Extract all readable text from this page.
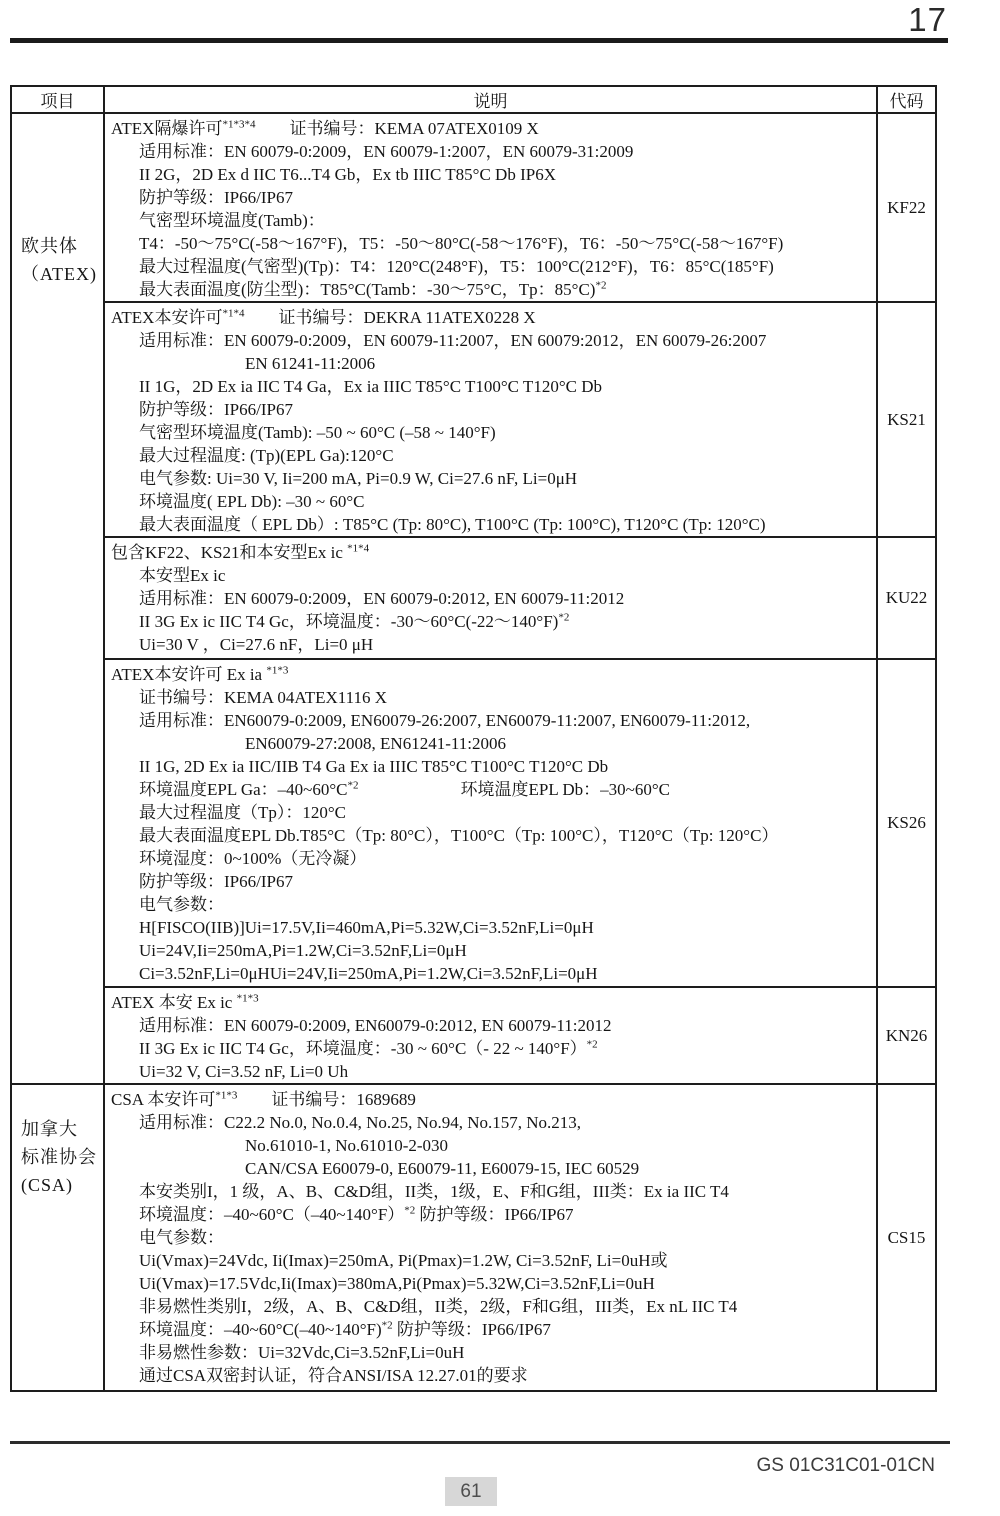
17
项目	说明	代码

欧共体
（ATEX)

ATEX隔爆许可$^{*1*3*4}$　　证书编号：KEMA 07ATEX0109 X
适用标准：EN 60079-0:2009，EN 60079-1:2007，EN 60079-31:2009
II 2G，2D Ex d IIC T6...T4 Gb，Ex tb IIIC T85°C Db IP6X
防护等级：IP66/IP67
气密型环境温度(Tamb)：
T4：-50～75°C(-58～167°F)，T5：-50～80°C(-58～176°F)，T6：-50～75°C(-58～167°F)
最大过程温度(气密型)(Tp)：T4：120°C(248°F)，T5：100°C(212°F)，T6：85°C(185°F)
最大表面温度(防尘型)：T85°C(Tamb：-30～75°C，Tp：85°C)$^{*2}$
	KF22

ATEX本安许可$^{*1*4}$　　证书编号：DEKRA 11ATEX0228 X
适用标准：EN 60079-0:2009，EN 60079-11:2007，EN 60079:2012，EN 60079-26:2007
EN 61241-11:2006
II 1G，2D Ex ia IIC T4 Ga，Ex ia IIIC T85°C T100°C T120°C Db
防护等级：IP66/IP67
气密型环境温度(Tamb): –50 ~ 60°C (–58 ~ 140°F)
最大过程温度: (Tp)(EPL Ga):120°C
电气参数: Ui=30 V, Ii=200 mA, Pi=0.9 W, Ci=27.6 nF, Li=0μH
环境温度( EPL Db): –30 ~ 60°C
最大表面温度（ EPL Db）: T85°C (Tp: 80°C), T100°C (Tp: 100°C), T120°C (Tp: 120°C)
	KS21

	包含KF22、KS21和本安型Ex ic $^{*1*4}$
本安型Ex ic
适用标准：EN 60079-0:2009，EN 60079-0:2012, EN 60079-11:2012
II 3G Ex ic IIC T4 Gc，环境温度：-30～60°C(-22～140°F)$^{*2}$
Ui=30 V ，Ci=27.6 nF，Li=0 μH	KU22

ATEX本安许可 Ex ia $^{*1*3}$
证书编号：KEMA 04ATEX1116 X
适用标准：EN60079-0:2009, EN60079-26:2007, EN60079-11:2007, EN60079-11:2012,
EN60079-27:2008, EN61241-11:2006
II 1G, 2D Ex ia IIC/IIB T4 Ga Ex ia IIIC T85°C T100°C T120°C Db
环境温度EPL Ga：$-40\sim 60^\circ C^{*2}$　　　　　　环境温度EPL Db：–30~60°C
最大过程温度（Tp）：120°C
最大表面温度EPL Db.T85°C（Tp: 80°C），T100°C（Tp: 100°C），T120°C（Tp: 120°C）
环境湿度：0~100%（无冷凝）
防护等级：IP66/IP67
电气参数：
H[FISCO(IIB)]Ui=17.5V,Ii=460mA,Pi=5.32W,Ci=3.52nF,Li=0μH
Ui=24V,Ii=250mA,Pi=1.2W,Ci=3.52nF,Li=0μH
Ci=3.52nF,Li=0μHUi=24V,Ii=250mA,Pi=1.2W,Ci=3.52nF,Li=0μH
	KS26

	ATEX 本安 Ex ic $^{*1*3}$
适用标准：EN 60079-0:2009, EN60079-0:2012, EN 60079-11:2012
II 3G Ex ic IIC T4 Gc，环境温度：-30 ~ 60°C（- 22 ~ 140°F）$^{*2}$
Ui=32 V, Ci=3.52 nF, Li=0 Uh	KN26

加拿大
标准协会
(CSA)

CSA 本安许可$^{*1*3}$　　证书编号：1689689
适用标准：C22.2 No.0, No.0.4, No.25, No.94, No.157, No.213,
No.61010-1, No.61010-2-030
CAN/CSA E60079-0, E60079-11, E60079-15, IEC 60529
本安类别I，1 级，A、B、C&D组，II类，1级，E、F和G组，III类：Ex ia IIC T4
环境温度：–40~60°C（–40~140°F）$^{*2}$ 防护等级：IP66/IP67
电气参数：
Ui(Vmax)=24Vdc, Ii(Imax)=250mA, Pi(Pmax)=1.2W, Ci=3.52nF, Li=0uH或
Ui(Vmax)=17.5Vdc,Ii(Imax)=380mA,Pi(Pmax)=5.32W,Ci=3.52nF,Li=0uH
非易燃性类别I，2级，A、B、C&D组，II类，2级，F和G组，III类，Ex nL IIC T4
环境温度：–40~60°C(–40~140°F)$^{*2}$ 防护等级：IP66/IP67
非易燃性参数：Ui=32Vdc,Ci=3.52nF,Li=0uH
通过CSA双密封认证，符合ANSI/ISA 12.27.01的要求
	CS15
GS 01C31C01-01CN
61
